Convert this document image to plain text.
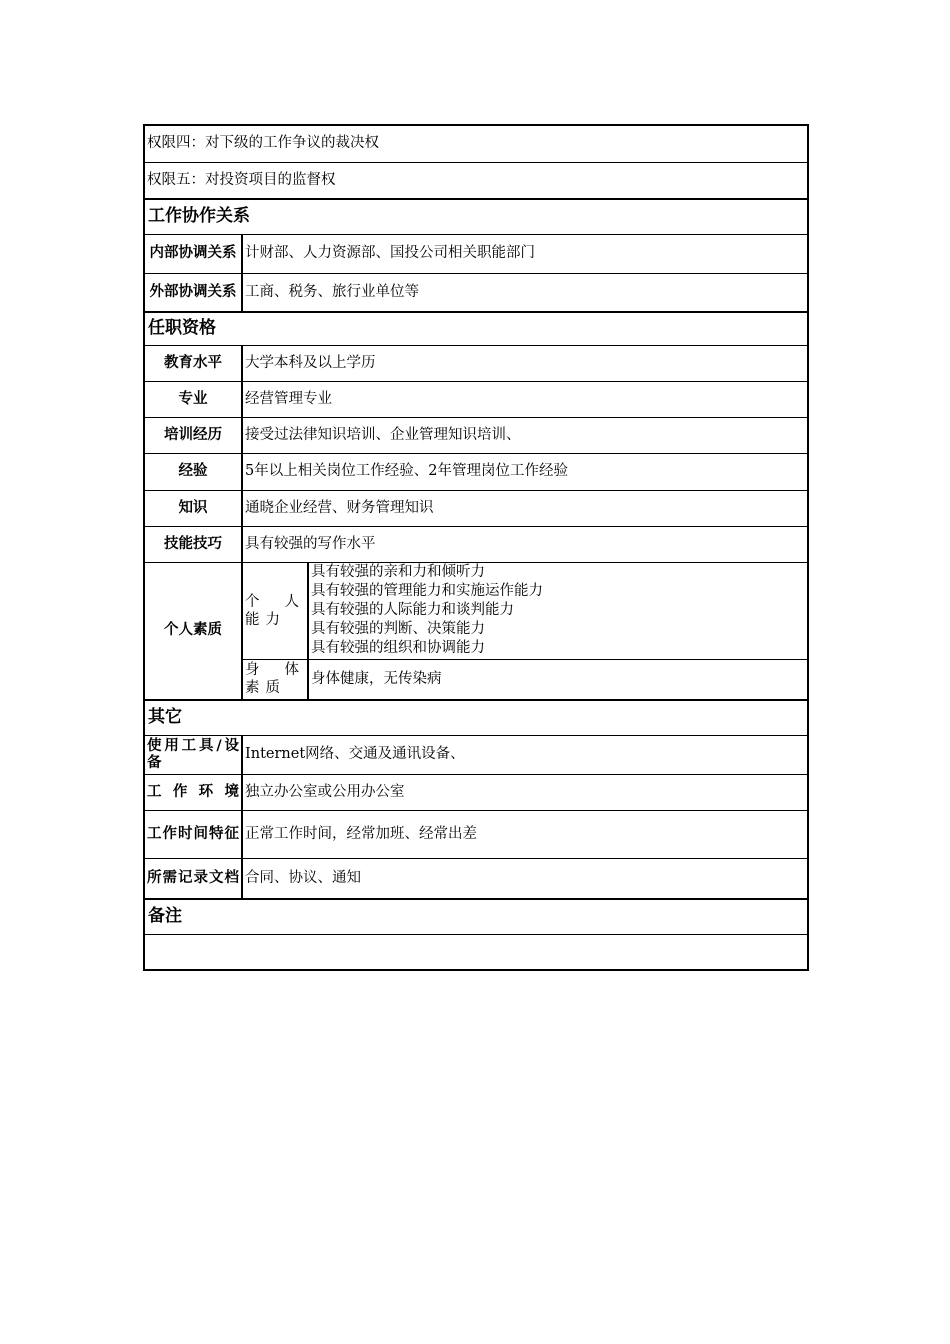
权限四：对下级的工作争议的裁决权		
权限五：对投资项目的监督权		
工作协作关系		
内部协调关系	计财部、人力资源部、国投公司相关职能部门	
外部协调关系	工商、税务、旅行业单位等	
任职资格		
教育水平	大学本科及以上学历	
专业	经营管理专业	
培训经历	接受过法律知识培训、企业管理知识培训、	
经验	5年以上相关岗位工作经验、2年管理岗位工作经验	
知识	通晓企业经营、财务管理知识	
技能技巧	具有较强的写作水平	
个人素质	个人能力	具有较强的亲和力和倾听力
具有较强的管理能力和实施运作能力
具有较强的人际能力和谈判能力
具有较强的判断、决策能力
具有较强的组织和协调能力

	身体素质	身体健康，无传染病
其它		
使用工具/设备	Internet网络、交通及通讯设备、	
工作环境	独立办公室或公用办公室	
工作时间特征	正常工作时间，经常加班、经常出差	
所需记录文档	合同、协议、通知	
备注		
